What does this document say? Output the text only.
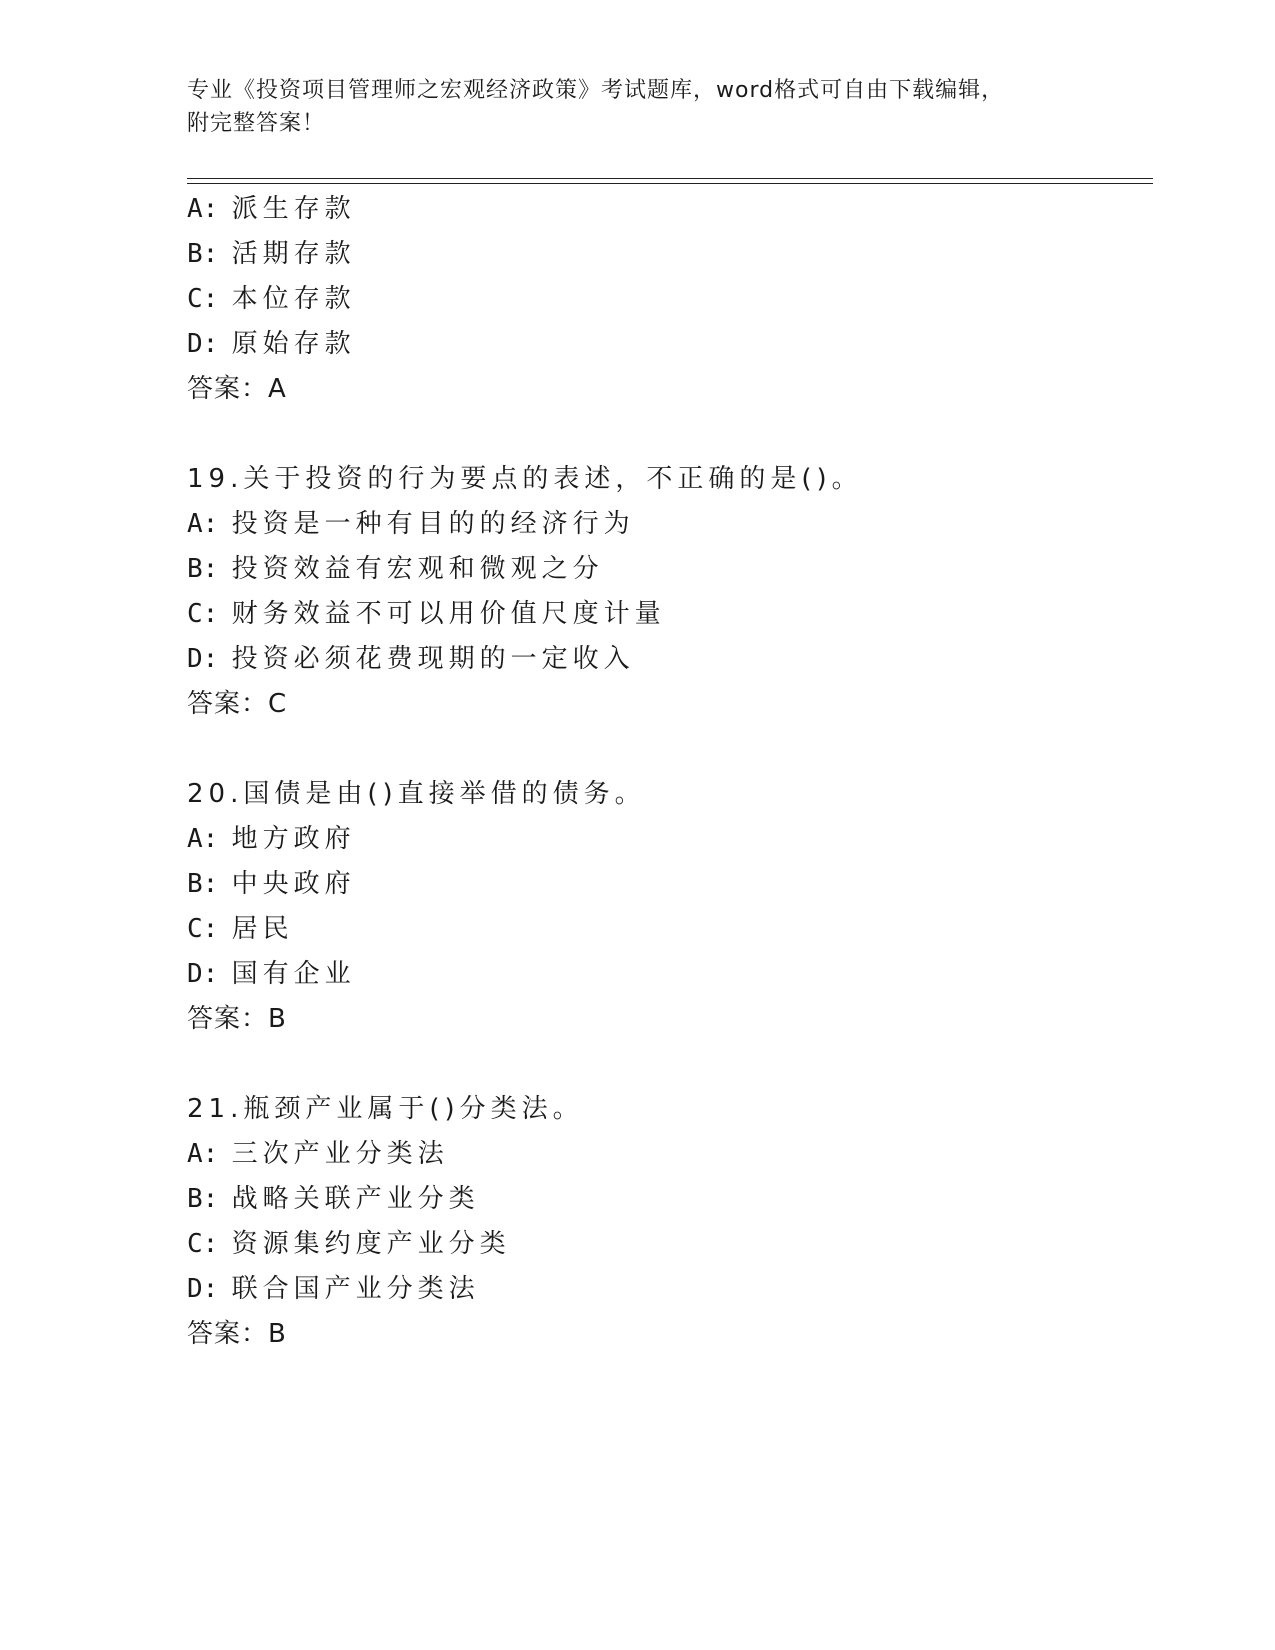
专业《投资项目管理师之宏观经济政策》考试题库，word格式可自由下载编辑，
附完整答案！
A: 派生存款
B: 活期存款
C: 本位存款
D: 原始存款
答案：A
19.关于投资的行为要点的表述，不正确的是()。
A: 投资是一种有目的的经济行为
B: 投资效益有宏观和微观之分
C: 财务效益不可以用价值尺度计量
D: 投资必须花费现期的一定收入
答案：C
20.国债是由()直接举借的债务。
A: 地方政府
B: 中央政府
C: 居民
D: 国有企业
答案：B
21.瓶颈产业属于()分类法。
A: 三次产业分类法
B: 战略关联产业分类
C: 资源集约度产业分类
D: 联合国产业分类法
答案：B
